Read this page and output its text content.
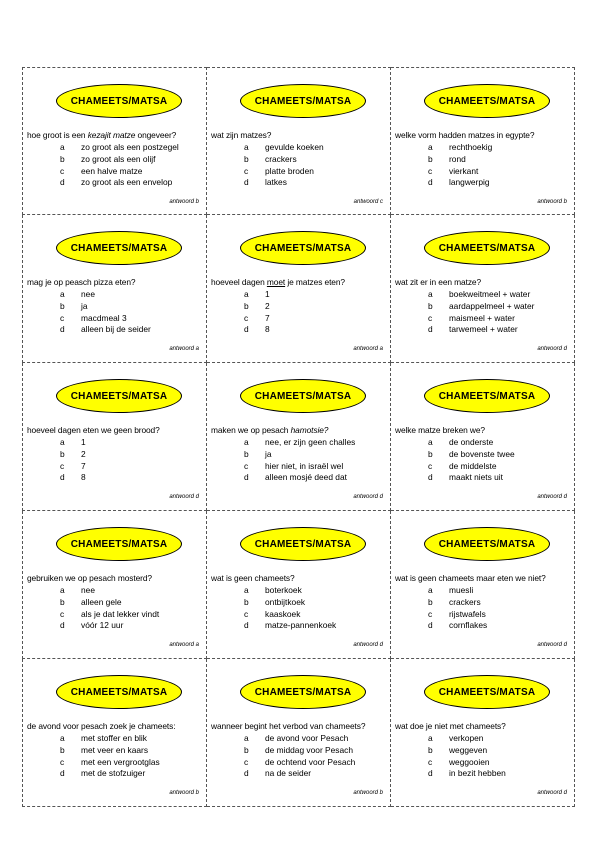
CHAMEETS/MATSA
hoe groot is een kezajit matze ongeveer?
a zo groot als een postzegel
b zo groot als een olijf
c een halve matze
d zo groot als een envelop
antwoord b
CHAMEETS/MATSA
wat zijn matzes?
a gevulde koeken
b crackers
c platte broden
d latkes
antwoord c
CHAMEETS/MATSA
welke vorm hadden matzes in egypte?
a rechthoekig
b rond
c vierkant
d langwerpig
antwoord b
CHAMEETS/MATSA
mag je op peasch pizza eten?
a nee
b ja
c macdmeal 3
d alleen bij de seider
antwoord a
CHAMEETS/MATSA
hoeveel dagen moet je matzes eten?
a 1
b 2
c 7
d 8
antwoord a
CHAMEETS/MATSA
wat zit er in een matze?
a boekweitmeel + water
b aardappelmeel + water
c maismeel + water
d tarwemeel + water
antwoord d
CHAMEETS/MATSA
hoeveel dagen eten we geen brood?
a 1
b 2
c 7
d 8
antwoord d
CHAMEETS/MATSA
maken we op pesach hamotsie?
a nee, er zijn geen challes
b ja
c hier niet, in israël wel
d alleen mosjé deed dat
antwoord d
CHAMEETS/MATSA
welke matze breken we?
a de onderste
b de bovenste twee
c de middelste
d maakt niets uit
antwoord d
CHAMEETS/MATSA
gebruiken we op pesach mosterd?
a nee
b alleen gele
c als je dat lekker vindt
d vóór 12 uur
antwoord a
CHAMEETS/MATSA
wat is geen chameets?
a boterkoek
b ontbijtkoek
c kaaskoek
d matze-pannenkoek
antwoord d
CHAMEETS/MATSA
wat is geen chameets maar eten we niet?
a muesli
b crackers
c rijstwafels
d cornflakes
antwoord d
CHAMEETS/MATSA
de avond voor pesach zoek je chameets:
a met stoffer en blik
b met veer en kaars
c met een vergrootglas
d met de stofzuiger
antwoord b
CHAMEETS/MATSA
wanneer begint het verbod van chameets?
a de avond voor Pesach
b de middag voor Pesach
c de ochtend voor Pesach
d na de seider
antwoord b
CHAMEETS/MATSA
wat doe je niet met chameets?
a verkopen
b weggeven
c weggooien
d in bezit hebben
antwoord d
